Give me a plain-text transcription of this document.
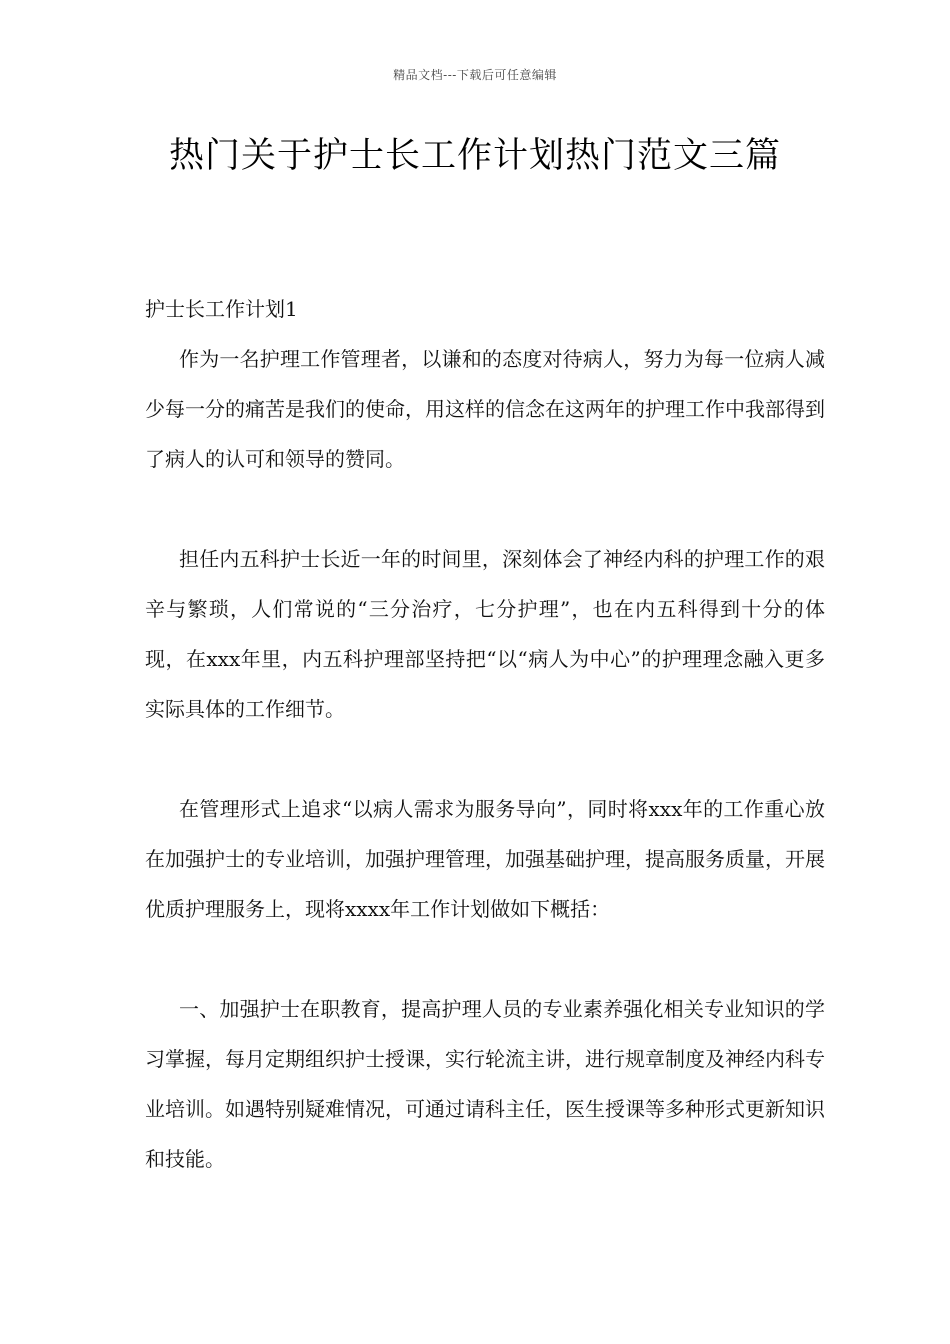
精品文档---下载后可任意编辑
热门关于护士长工作计划热门范文三篇

护士长工作计划1

作为一名护理工作管理者，以谦和的态度对待病人，努力为每一位病人减少每一分的痛苦是我们的使命，用这样的信念在这两年的护理工作中我部得到了病人的认可和领导的赞同。

担任内五科护士长近一年的时间里，深刻体会了神经内科的护理工作的艰辛与繁琐，人们常说的“三分治疗，七分护理”，也在内五科得到十分的体现，在xxx年里，内五科护理部坚持把“以“病人为中心”的护理理念融入更多实际具体的工作细节。

在管理形式上追求“以病人需求为服务导向”，同时将xxx年的工作重心放在加强护士的专业培训，加强护理管理，加强基础护理，提高服务质量，开展优质护理服务上，现将xxxx年工作计划做如下概括：

一、加强护士在职教育，提高护理人员的专业素养强化相关专业知识的学习掌握，每月定期组织护士授课，实行轮流主讲，进行规章制度及神经内科专业培训。如遇特别疑难情况，可通过请科主任，医生授课等多种形式更新知识和技能。
